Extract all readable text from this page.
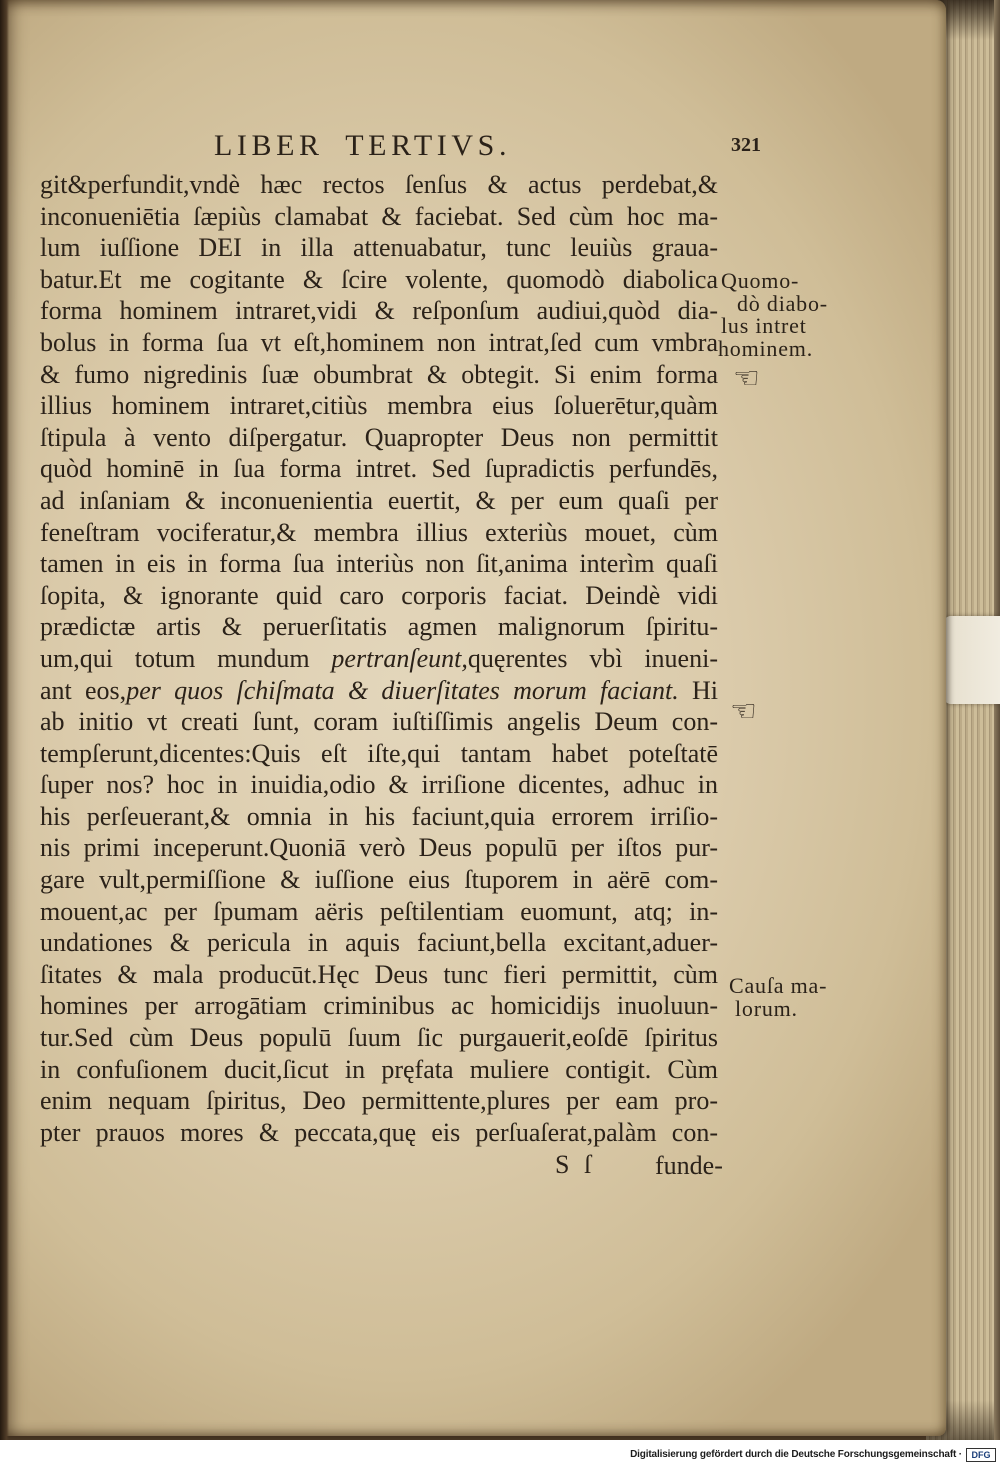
LIBER TERTIVS.	321
git&perfundit,vndè hæc rectos ſenſus & actus perdebat,&
inconueniētia ſæpiùs clamabat & faciebat. Sed cùm hoc ma-
lum iuſſione DEI in illa attenuabatur, tunc leuiùs graua-
batur.Et me cogitante & ſcire volente, quomodò diabolica
forma hominem intraret,vidi & reſponſum audiui,quòd dia-
bolus in forma ſua vt eſt,hominem non intrat,ſed cum vmbra
& fumo nigredinis ſuæ obumbrat & obtegit. Si enim forma
illius hominem intraret,citiùs membra eius ſoluerētur,quàm
ſtipula à vento diſpergatur. Quapropter Deus non permittit
quòd hominē in ſua forma intret. Sed ſupradictis perfundēs,
ad inſaniam & inconuenientia euertit, & per eum quaſi per
feneſtram vociferatur,& membra illius exteriùs mouet, cùm
tamen in eis in forma ſua interiùs non ſit,anima interìm quaſi
ſopita, & ignorante quid caro corporis faciat. Deindè vidi
prædictæ artis & peruerſitatis agmen malignorum ſpiritu-
um,qui totum mundum pertranſeunt,quęrentes vbì inueni-
ant eos,per quos ſchiſmata & diuerſitates morum faciant. Hi
ab initio vt creati ſunt, coram iuſtiſſimis angelis Deum con-
tempſerunt,dicentes:Quis eſt iſte,qui tantam habet poteſtatē
ſuper nos? hoc in inuidia,odio & irriſione dicentes, adhuc in
his perſeuerant,& omnia in his faciunt,quia errorem irriſio-
nis primi inceperunt.Quoniā verò Deus populū per iſtos pur-
gare vult,permiſſione & iuſſione eius ſtuporem in aërē com-
mouent,ac per ſpumam aëris peſtilentiam euomunt, atq; in-
undationes & pericula in aquis faciunt,bella excitant,aduer-
ſitates & mala producūt.Hęc Deus tunc fieri permittit, cùm
homines per arrogātiam criminibus ac homicidijs inuoluun-
tur.Sed cùm Deus populū ſuum ſic purgauerit,eoſdē ſpiritus
in confuſionem ducit,ſicut in pręfata muliere contigit. Cùm
enim nequam ſpiritus, Deo permittente,plures per eam pro-
pter prauos mores & peccata,quę eis perſuaſerat,palàm con-
Quomo-
dò diabo-
lus intret
hominem.
☜
☜
Cauſa ma-
lorum.
S ſ funde-
Digitalisierung gefördert durch die Deutsche Forschungsgemeinschaft ·	DFG
